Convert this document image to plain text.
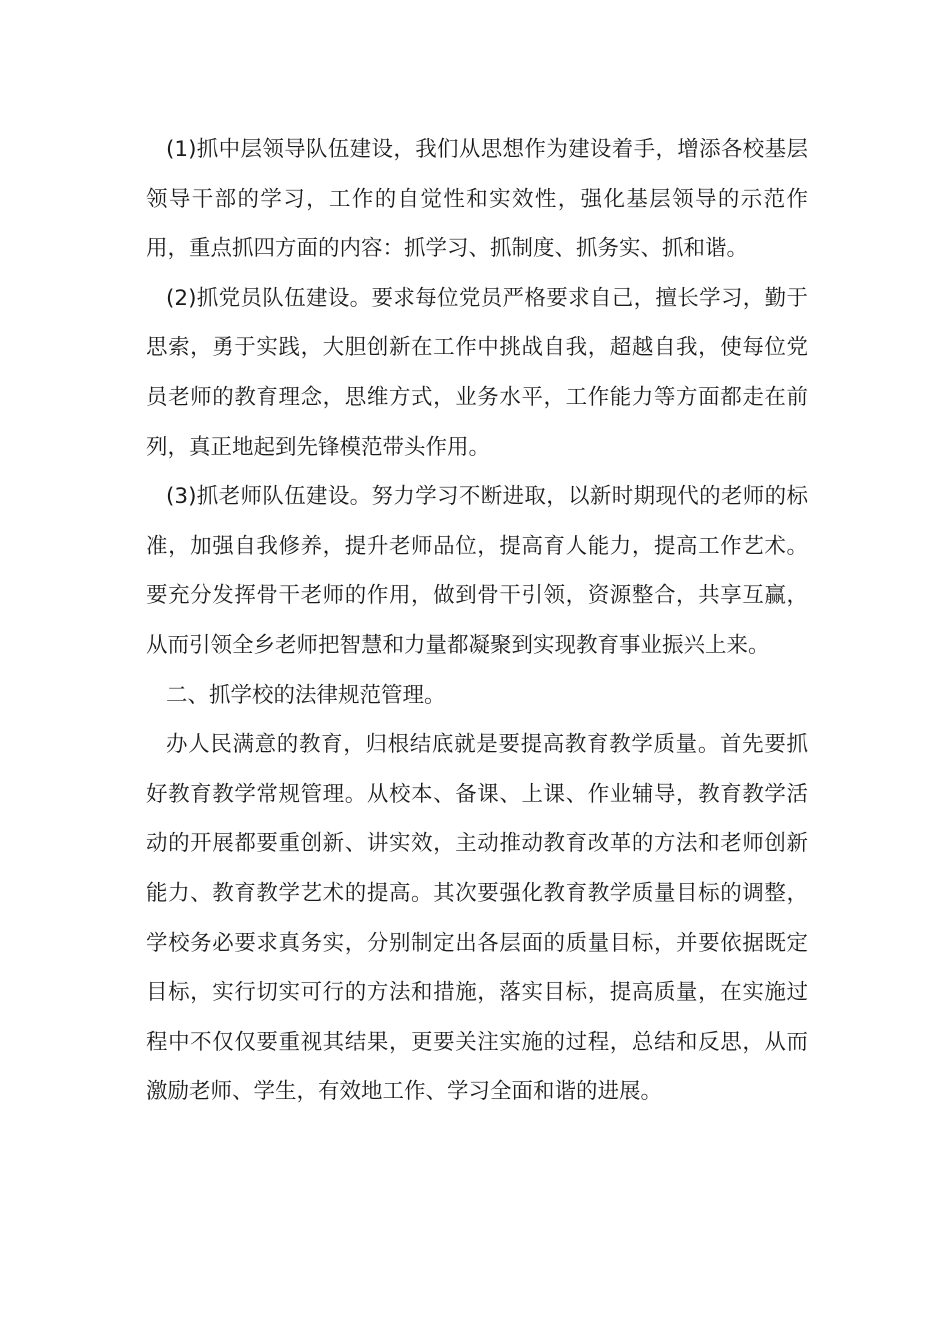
(1)抓中层领导队伍建设，我们从思想作为建设着手，增添各校基层领导干部的学习，工作的自觉性和实效性，强化基层领导的示范作用，重点抓四方面的内容：抓学习、抓制度、抓务实、抓和谐。

(2)抓党员队伍建设。要求每位党员严格要求自己，擅长学习，勤于思索，勇于实践，大胆创新在工作中挑战自我，超越自我，使每位党员老师的教育理念，思维方式，业务水平，工作能力等方面都走在前列，真正地起到先锋模范带头作用。

(3)抓老师队伍建设。努力学习不断进取，以新时期现代的老师的标准，加强自我修养，提升老师品位，提高育人能力，提高工作艺术。要充分发挥骨干老师的作用，做到骨干引领，资源整合，共享互赢，从而引领全乡老师把智慧和力量都凝聚到实现教育事业振兴上来。

二、抓学校的法律规范管理。

办人民满意的教育，归根结底就是要提高教育教学质量。首先要抓好教育教学常规管理。从校本、备课、上课、作业辅导，教育教学活动的开展都要重创新、讲实效，主动推动教育改革的方法和老师创新能力、教育教学艺术的提高。其次要强化教育教学质量目标的调整，学校务必要求真务实，分别制定出各层面的质量目标，并要依据既定目标，实行切实可行的方法和措施，落实目标，提高质量，在实施过程中不仅仅要重视其结果，更要关注实施的过程，总结和反思，从而激励老师、学生，有效地工作、学习全面和谐的进展。
